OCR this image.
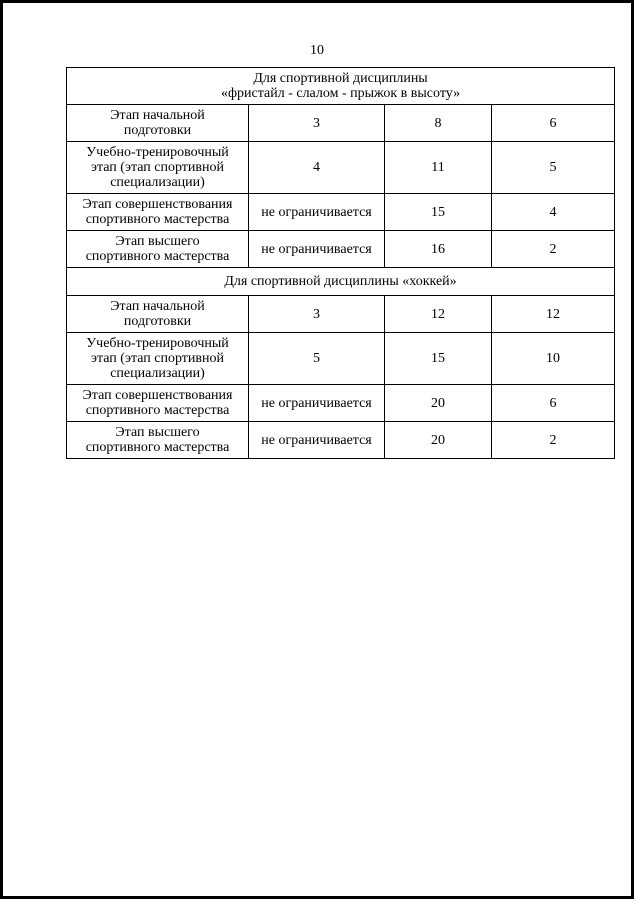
10
Для спортивной дисциплины
«фристайл - слалом - прыжок в высоту»			
Этап начальной
подготовки	3	8	6
Учебно-тренировочный
этап (этап спортивной
специализации)	4	11	5
Этап совершенствования
спортивного мастерства	не ограничивается	15	4
Этап высшего
спортивного мастерства	не ограничивается	16	2
Для спортивной дисциплины «хоккей»			
Этап начальной
подготовки	3	12	12
Учебно-тренировочный
этап (этап спортивной
специализации)	5	15	10
Этап совершенствования
спортивного мастерства	не ограничивается	20	6
Этап высшего
спортивного мастерства	не ограничивается	20	2
